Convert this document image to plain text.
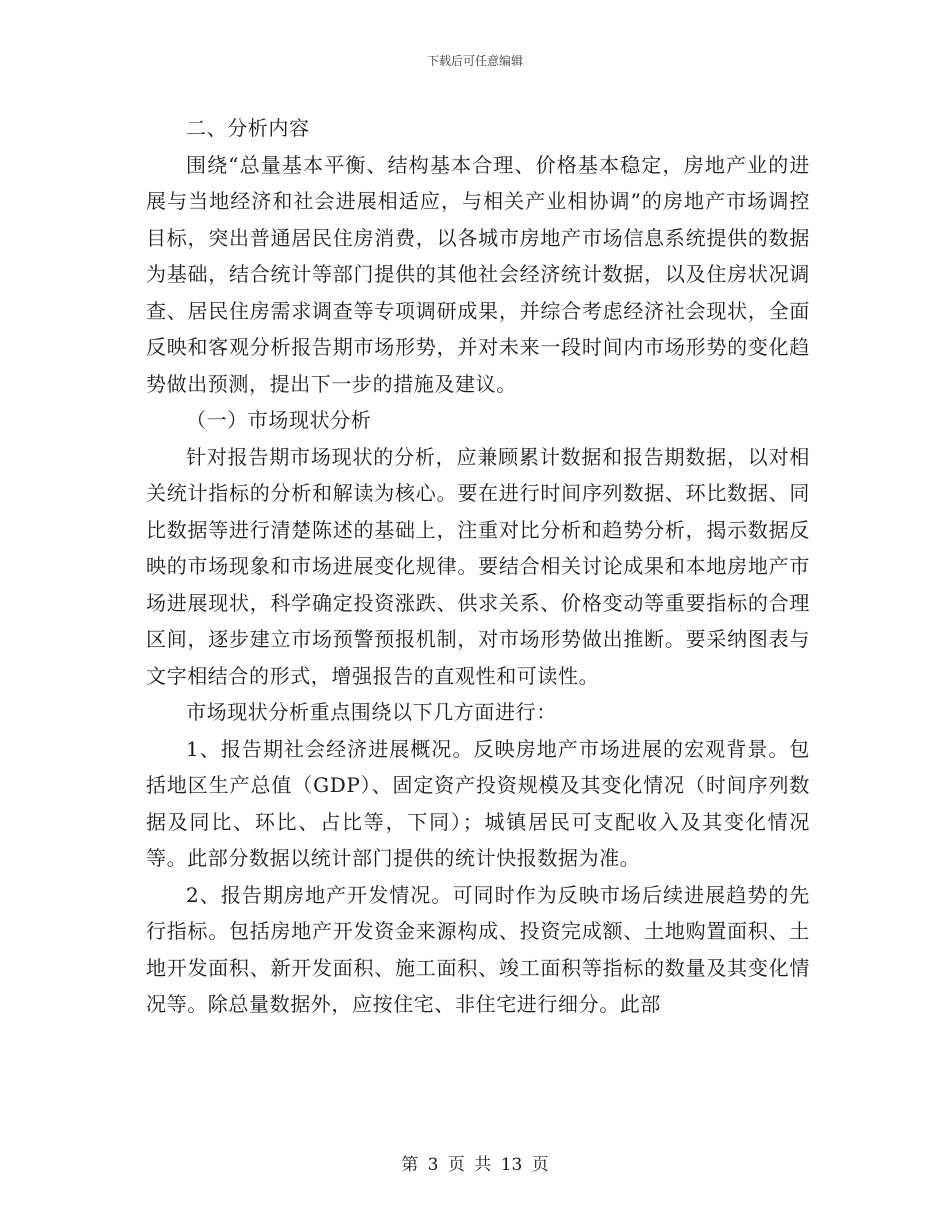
下载后可任意编辑

二、分析内容

围绕“总量基本平衡、结构基本合理、价格基本稳定，房地产业的进展与当地经济和社会进展相适应，与相关产业相协调”的房地产市场调控目标，突出普通居民住房消费，以各城市房地产市场信息系统提供的数据为基础，结合统计等部门提供的其他社会经济统计数据，以及住房状况调查、居民住房需求调查等专项调研成果，并综合考虑经济社会现状，全面反映和客观分析报告期市场形势，并对未来一段时间内市场形势的变化趋势做出预测，提出下一步的措施及建议。

（一）市场现状分析

针对报告期市场现状的分析，应兼顾累计数据和报告期数据，以对相关统计指标的分析和解读为核心。要在进行时间序列数据、环比数据、同比数据等进行清楚陈述的基础上，注重对比分析和趋势分析，揭示数据反映的市场现象和市场进展变化规律。要结合相关讨论成果和本地房地产市场进展现状，科学确定投资涨跌、供求关系、价格变动等重要指标的合理区间，逐步建立市场预警预报机制，对市场形势做出推断。要采纳图表与文字相结合的形式，增强报告的直观性和可读性。

市场现状分析重点围绕以下几方面进行：

1、报告期社会经济进展概况。反映房地产市场进展的宏观背景。包括地区生产总值（GDP）、固定资产投资规模及其变化情况（时间序列数据及同比、环比、占比等，下同）；城镇居民可支配收入及其变化情况等。此部分数据以统计部门提供的统计快报数据为准。

2、报告期房地产开发情况。可同时作为反映市场后续进展趋势的先行指标。包括房地产开发资金来源构成、投资完成额、土地购置面积、土地开发面积、新开发面积、施工面积、竣工面积等指标的数量及其变化情况等。除总量数据外，应按住宅、非住宅进行细分。此部

第 3 页 共 13 页
